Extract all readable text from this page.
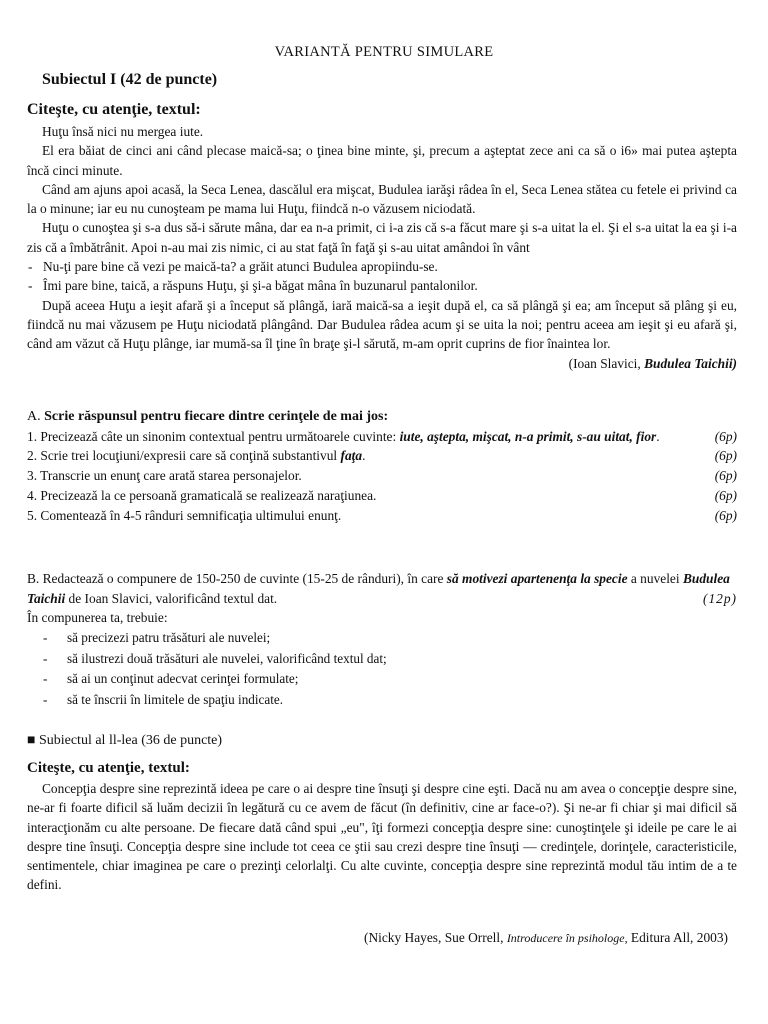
VARIANTĂ PENTRU SIMULARE
Subiectul I (42 de puncte)
Citeşte, cu atenţie, textul:

Huţu însă nici nu mergea iute.

El era băiat de cinci ani când plecase maică-sa; o ţinea bine minte, şi, precum a aşteptat zece ani ca să o i6» mai putea aştepta încă cinci minute.

Când am ajuns apoi acasă, la Seca Lenea, dascălul era mişcat, Budulea iarăşi râdea în el, Seca Lenea stătea cu fetele ei privind ca la o minune; iar eu nu cunoşteam pe mama lui Huţu, fiindcă n-o văzusem niciodată.

Huţu o cunoştea şi s-a dus să-i sărute mâna, dar ea n-a primit, ci i-a zis că s-a făcut mare şi s-a uitat la el. Şi el s-a uitat la ea şi i-a zis că a îmbătrânit. Apoi n-au mai zis nimic, ci au stat faţă în faţă şi s-au uitat amândoi în vânt

- Nu-ţi pare bine că vezi pe maică-ta? a grăit atunci Budulea apropiindu-se.

- Îmi pare bine, taică, a răspuns Huţu, şi şi-a băgat mâna în buzunarul pantalonilor.

După aceea Huţu a ieşit afară şi a început să plângă, iară maică-sa a ieşit după el, ca să plângă şi ea; am început să plâng şi eu, fiindcă nu mai văzusem pe Huţu niciodată plângând. Dar Budulea râdea acum şi se uita la noi; pentru aceea am ieşit şi eu afară şi, când am văzut că Huţu plânge, iar mumă-sa îl ţine în braţe şi-l sărută, m-am oprit cuprins de fior înaintea lor.

(Ioan Slavici, Budulea Taichii)
A. Scrie răspunsul pentru fiecare dintre cerinţele de mai jos:
1. Precizează câte un sinonim contextual pentru următoarele cuvinte: iute, aştepta, mişcat, n-a primit, s-au uitat, fior.	(6p)
2. Scrie trei locuţiuni/expresii care să conţină substantivul faţa.	(6p)
3. Transcrie un enunţ care arată starea personajelor.	(6p)
4. Precizează la ce persoană gramaticală se realizează naraţiunea.	(6p)
5. Comentează în 4-5 rânduri semnificaţia ultimului enunţ.	(6p)
B. Redactează o compunere de 150-250 de cuvinte (15-25 de rânduri), în care să motivezi apartenenţa la specie a nuvelei Budulea Taichii de Ioan Slavici, valorificând textul dat.	(12p)
În compunerea ta, trebuie:
- să precizezi patru trăsături ale nuvelei;
- să ilustrezi două trăsături ale nuvelei, valorificând textul dat;
- să ai un conţinut adecvat cerinţei formulate;
- să te înscrii în limitele de spaţiu indicate.
■ Subiectul al ll-lea (36 de puncte)
Citeşte, cu atenţie, textul:
Concepţia despre sine reprezintă ideea pe care o ai despre tine însuţi şi despre cine eşti. Dacă nu am avea o concepţie despre sine, ne-ar fi foarte dificil să luăm decizii în legătură cu ce avem de făcut (în definitiv, cine ar face-o?). Şi ne-ar fi chiar şi mai dificil să interacţionăm cu alte persoane. De fiecare dată când spui „eu", îţi formezi concepţia despre sine: cunoştinţele şi ideile pe care le ai despre tine însuţi. Concepţia despre sine include tot ceea ce ştii sau crezi despre tine însuţi — credinţele, dorinţele, caracteristicile, sentimentele, chiar imaginea pe care o prezinţi celorlalţi. Cu alte cuvinte, concepţia despre sine reprezintă modul tău intim de a te defini.
(Nicky Hayes, Sue Orrell, Introducere în psihologe, Editura All, 2003)
